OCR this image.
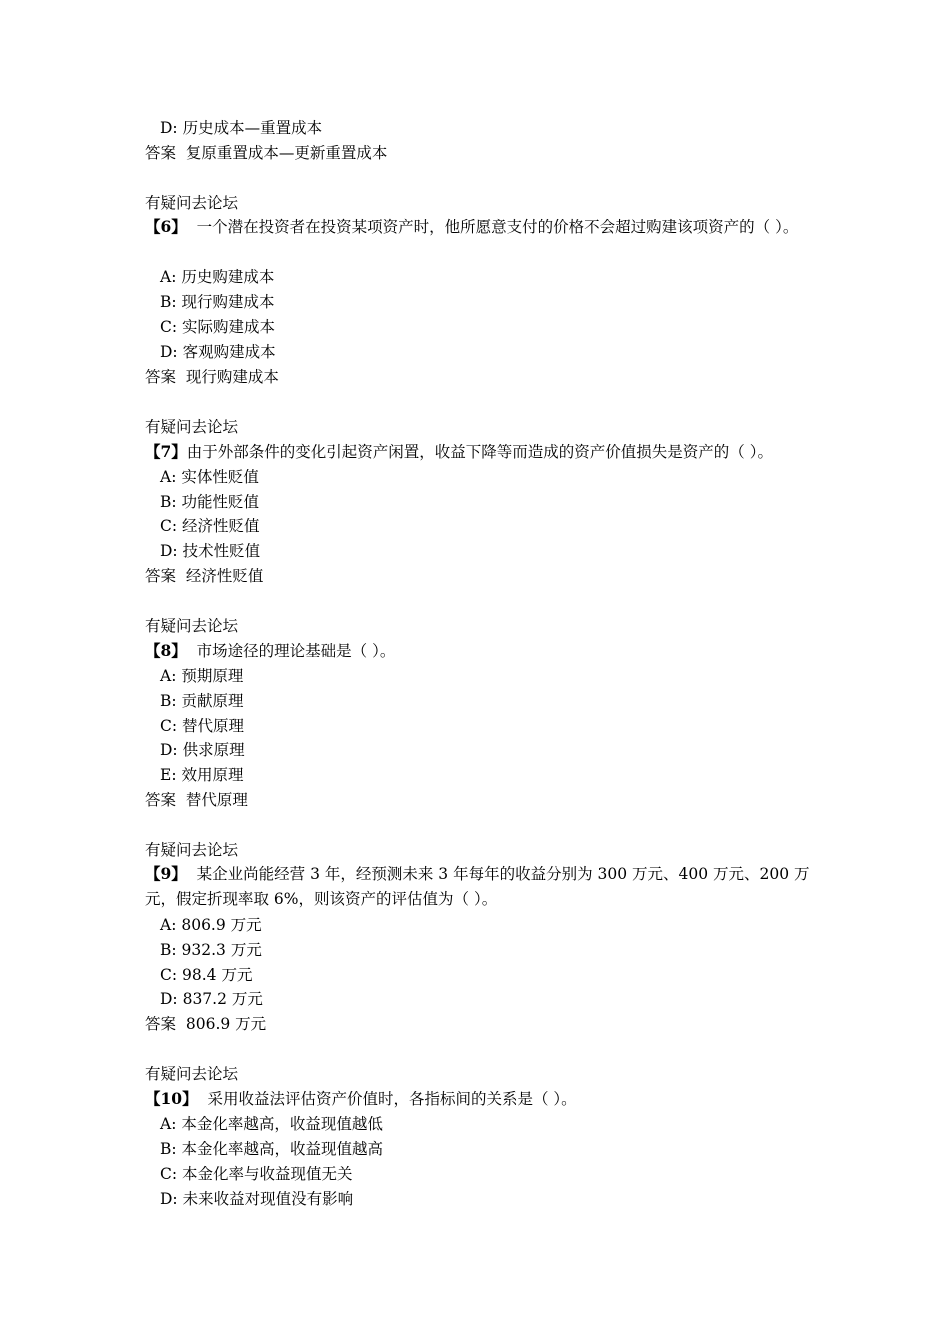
D: 历史成本—重置成本
答案 复原重置成本—更新重置成本
有疑问去论坛
【6】 一个潜在投资者在投资某项资产时，他所愿意支付的价格不会超过购建该项资产的（ ）。
A: 历史购建成本
B: 现行购建成本
C: 实际购建成本
D: 客观购建成本
答案 现行购建成本
有疑问去论坛
【7】由于外部条件的变化引起资产闲置，收益下降等而造成的资产价值损失是资产的（ ）。
A: 实体性贬值
B: 功能性贬值
C: 经济性贬值
D: 技术性贬值
答案 经济性贬值
有疑问去论坛
【8】 市场途径的理论基础是（ ）。
A: 预期原理
B: 贡献原理
C: 替代原理
D: 供求原理
E: 效用原理
答案 替代原理
有疑问去论坛
【9】 某企业尚能经营 3 年，经预测未来 3 年每年的收益分别为 300 万元、400 万元、200 万元，假定折现率取 6%，则该资产的评估值为（ ）。
A: 806.9 万元
B: 932.3 万元
C: 98.4 万元
D: 837.2 万元
答案 806.9 万元
有疑问去论坛
【10】 采用收益法评估资产价值时，各指标间的关系是（ ）。
A: 本金化率越高，收益现值越低
B: 本金化率越高，收益现值越高
C: 本金化率与收益现值无关
D: 未来收益对现值没有影响
